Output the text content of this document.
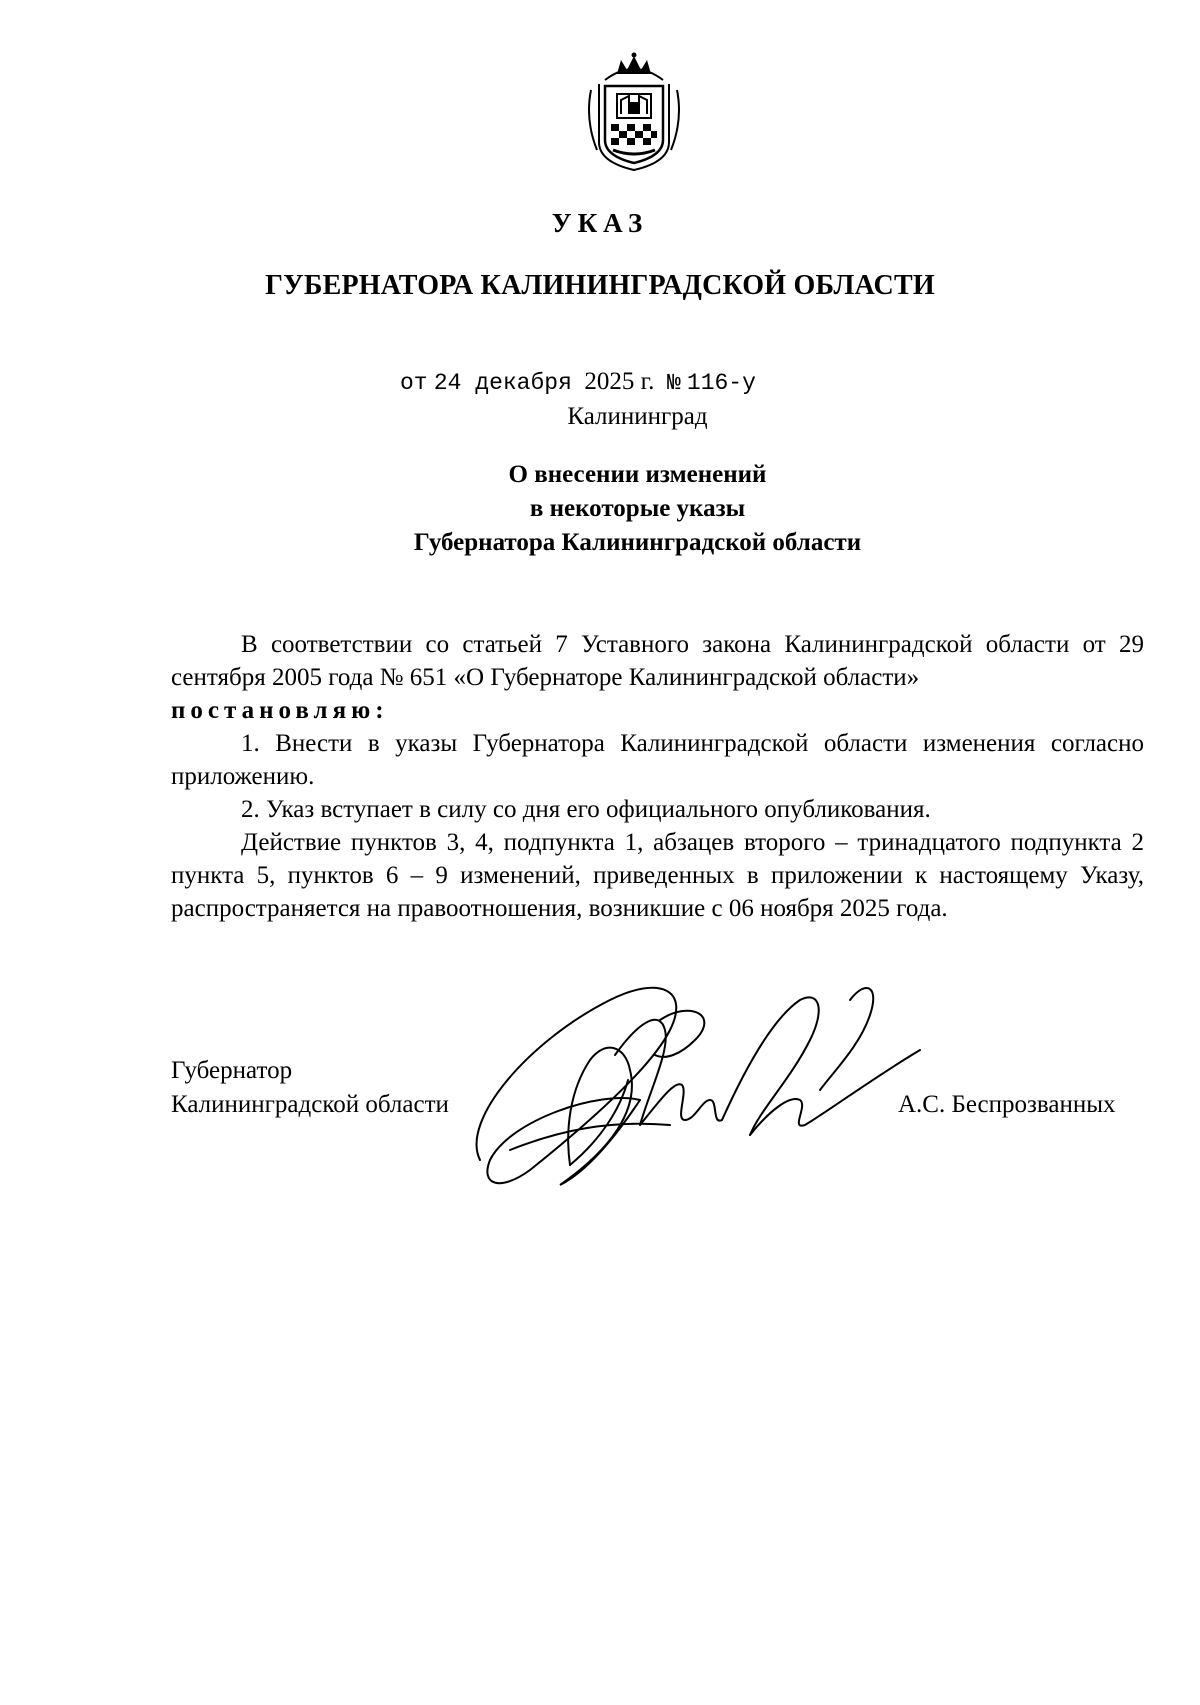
УКАЗ
ГУБЕРНАТОРА КАЛИНИНГРАДСКОЙ ОБЛАСТИ
от 24 декабря 2025 г. № 116-у
Калининград
О внесении изменений
в некоторые указы
Губернатора Калининградской области

В соответствии со статьей 7 Уставного закона Калининградской области от 29 сентября 2005 года № 651 «О Губернаторе Калининградской области»

постановляю:

1. Внести в указы Губернатора Калининградской области изменения согласно приложению.

2. Указ вступает в силу со дня его официального опубликования.

Действие пунктов 3, 4, подпункта 1, абзацев второго – тринадцатого подпункта 2 пункта 5, пунктов 6 – 9 изменений, приведенных в приложении к настоящему Указу, распространяется на правоотношения, возникшие с 06 ноября 2025 года.

Губернатор
Калининградской области	А.С. Беспрозванных
